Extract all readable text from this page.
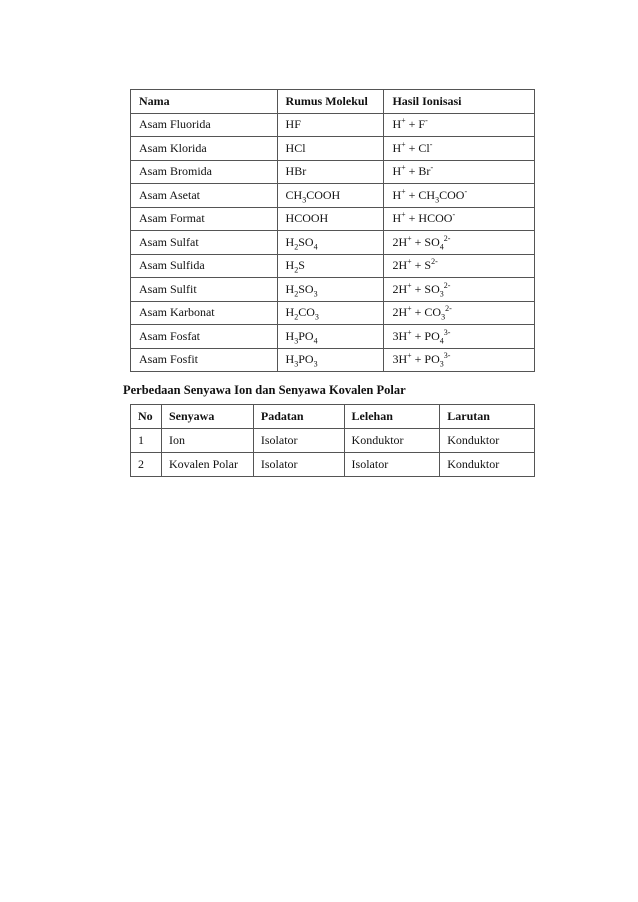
Nama	Rumus Molekul	Hasil Ionisasi
Asam Fluorida	HF	H+ + F-
Asam Klorida	HCl	H+ + Cl-
Asam Bromida	HBr	H+ + Br-
Asam Asetat	$CH_3COOH$	$H^+ + CH_3COO^-$
Asam Format	HCOOH	H+ + HCOO-
Asam Sulfat	$H_2SO_4$	$2H^+ + SO_4^{2-}$
Asam Sulfida	$H_2S$	$2H^+ + S^{2-}$
Asam Sulfit	$H_2SO_3$	$2H^+ + SO_3^{2-}$
Asam Karbonat	$H_2CO_3$	$2H^+ + CO_3^{2-}$
Asam Fosfat	$H_3PO_4$	$3H^+ + PO_4^{3-}$
Asam Fosfit	$H_3PO_3$	$3H^+ + PO_3^{3-}$
Perbedaan Senyawa Ion dan Senyawa Kovalen Polar
No	Senyawa	Padatan	Lelehan	Larutan
1	Ion	Isolator	Konduktor	Konduktor
2	Kovalen Polar	Isolator	Isolator	Konduktor
